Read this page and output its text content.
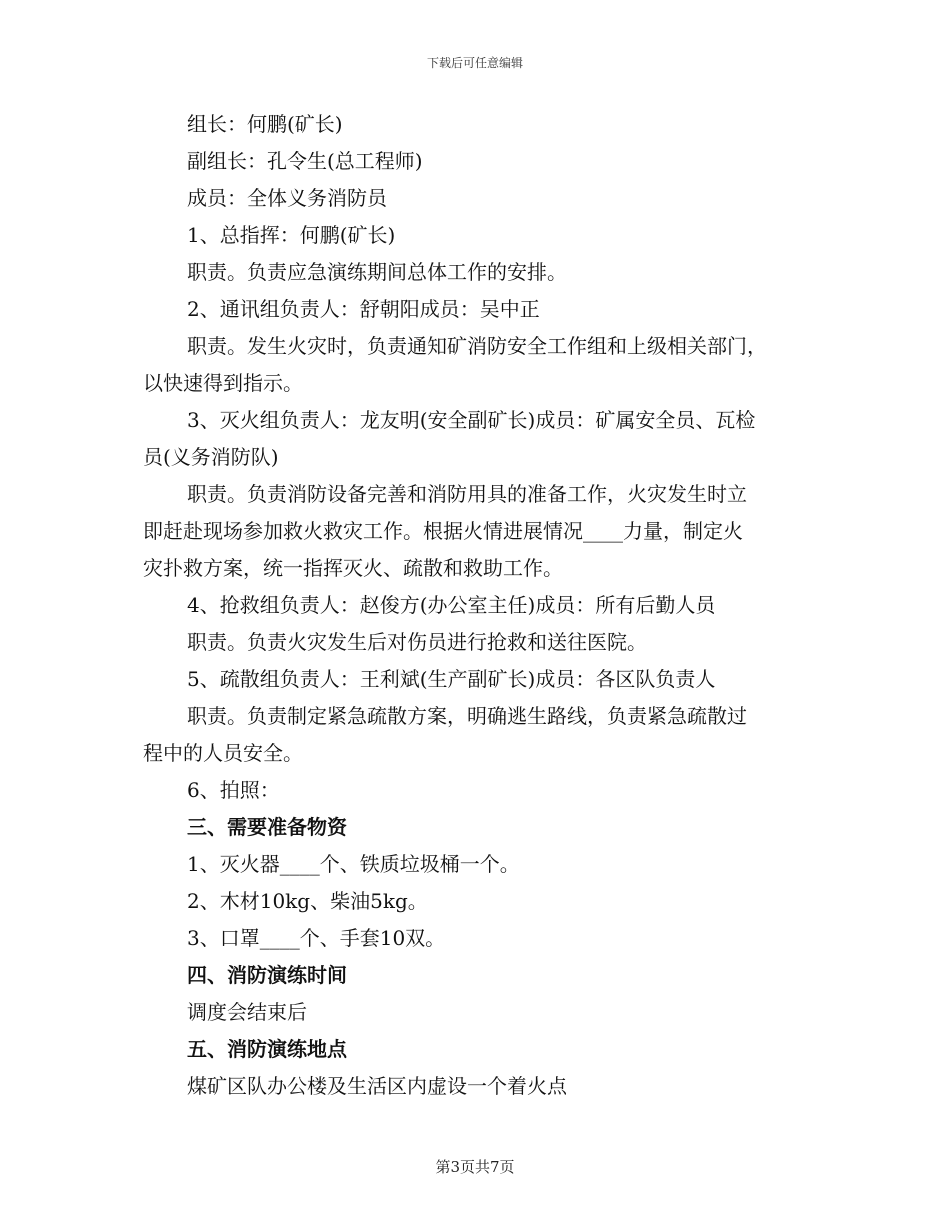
下载后可任意编辑

组长：何鹏(矿长)

副组长：孔令生(总工程师)

成员：全体义务消防员

1、总指挥：何鹏(矿长)

职责。负责应急演练期间总体工作的安排。

2、通讯组负责人：舒朝阳成员：吴中正

职责。发生火灾时，负责通知矿消防安全工作组和上级相关部门，

以快速得到指示。

3、灭火组负责人：龙友明(安全副矿长)成员：矿属安全员、瓦检

员(义务消防队)

职责。负责消防设备完善和消防用具的准备工作，火灾发生时立

即赶赴现场参加救火救灾工作。根据火情进展情况____力量，制定火

灾扑救方案，统一指挥灭火、疏散和救助工作。

4、抢救组负责人：赵俊方(办公室主任)成员：所有后勤人员

职责。负责火灾发生后对伤员进行抢救和送往医院。

5、疏散组负责人：王利斌(生产副矿长)成员：各区队负责人

职责。负责制定紧急疏散方案，明确逃生路线，负责紧急疏散过

程中的人员安全。

6、拍照：

三、需要准备物资

1、灭火器____个、铁质垃圾桶一个。

2、木材10kg、柴油5kg。

3、口罩____个、手套10双。

四、消防演练时间

调度会结束后

五、消防演练地点

煤矿区队办公楼及生活区内虚设一个着火点

第3页共7页
